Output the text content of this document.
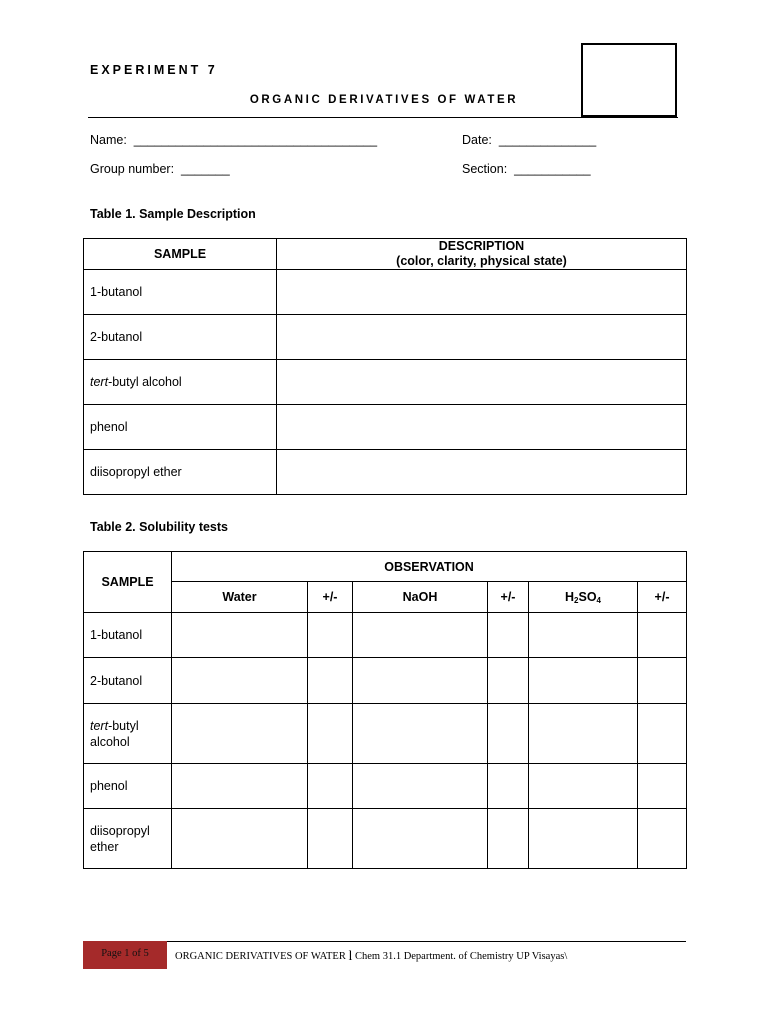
EXPERIMENT 7
ORGANIC DERIVATIVES OF WATER
Name:  ___________________________________	Date:  ______________
Group number:  _______	Section:  ___________
Table 1. Sample Description
SAMPLE	DESCRIPTION
(color, clarity, physical state)

1-butanol	
2-butanol	
tert-butyl alcohol	
phenol	
diisopropyl ether	
Table 2. Solubility tests
SAMPLE	OBSERVATION					
	Water	+/-	NaOH	+/-	$H_2SO_4$	+/-
1-butanol						
2-butanol						

tert-butyl
alcohol						

phenol						

diisopropyl
ether						

Page 1 of 5	ORGANIC DERIVATIVES OF WATER l Chem 31.1 Department. of Chemistry UP Visayas\
